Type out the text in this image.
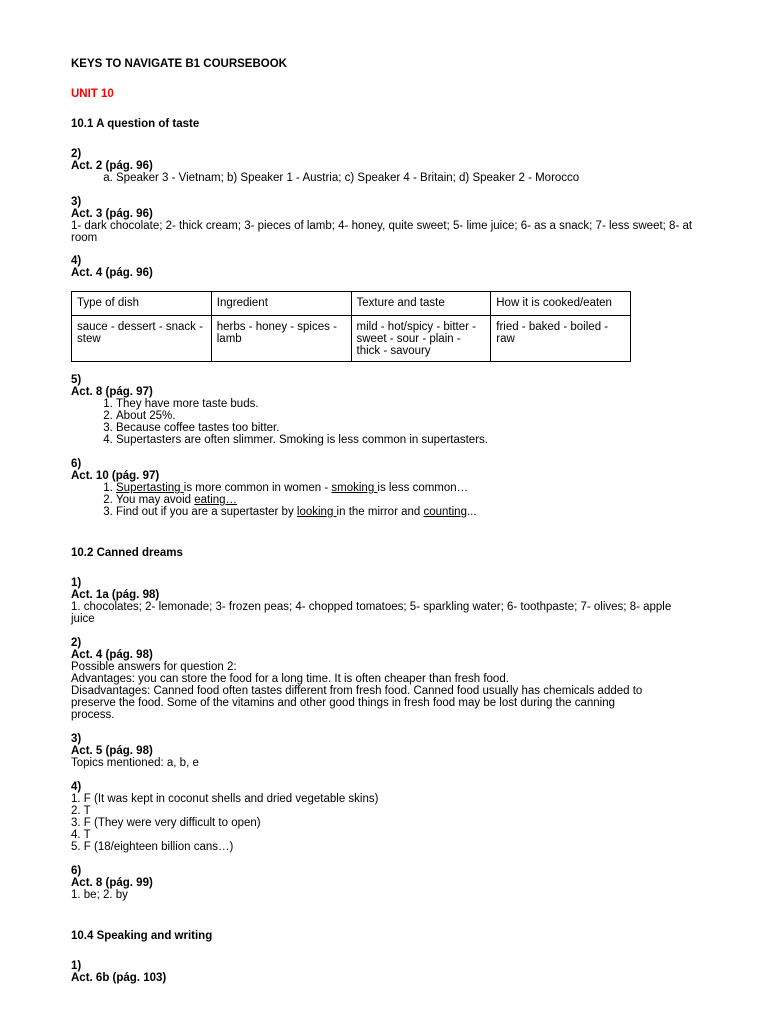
KEYS TO NAVIGATE B1 COURSEBOOK
UNIT 10
10.1 A question of taste
2)
Act. 2 (pág. 96)
a. Speaker 3 - Vietnam; b) Speaker 1 - Austria; c) Speaker 4 - Britain; d) Speaker 2 - Morocco
3)
Act. 3 (pág. 96)
1- dark chocolate; 2- thick cream; 3- pieces of lamb; 4- honey, quite sweet; 5- lime juice; 6- as a snack; 7- less sweet; 8- at room
4)
Act. 4 (pág. 96)
Type of dish	Ingredient	Texture and taste	How it is cooked/eaten
sauce - dessert - snack - stew	herbs - honey - spices - lamb	mild - hot/spicy - bitter - sweet - sour - plain - thick - savoury	fried - baked - boiled - raw
5)
Act. 8 (pág. 97)
1. They have more taste buds.
2. About 25%.
3. Because coffee tastes too bitter.
4. Supertasters are often slimmer. Smoking is less common in supertasters.
6)
Act. 10 (pág. 97)
1. Supertasting is more common in women - smoking is less common…
2. You may avoid eating…
3. Find out if you are a supertaster by looking in the mirror and counting...
10.2 Canned dreams
1)
Act. 1a (pág. 98)
1. chocolates; 2- lemonade; 3- frozen peas; 4- chopped tomatoes; 5- sparkling water; 6- toothpaste; 7- olives; 8- apple juice
2)
Act. 4 (pág. 98)
Possible answers for question 2:
Advantages: you can store the food for a long time. It is often cheaper than fresh food.
Disadvantages: Canned food often tastes different from fresh food. Canned food usually has chemicals added to
preserve the food. Some of the vitamins and other good things in fresh food may be lost during the canning
process.
3)
Act. 5 (pág. 98)
Topics mentioned: a, b, e
4)
1. F (It was kept in coconut shells and dried vegetable skins)
2. T
3. F (They were very difficult to open)
4. T
5. F (18/eighteen billion cans…)
6)
Act. 8 (pág. 99)
1. be; 2. by
10.4 Speaking and writing
1)
Act. 6b (pág. 103)
